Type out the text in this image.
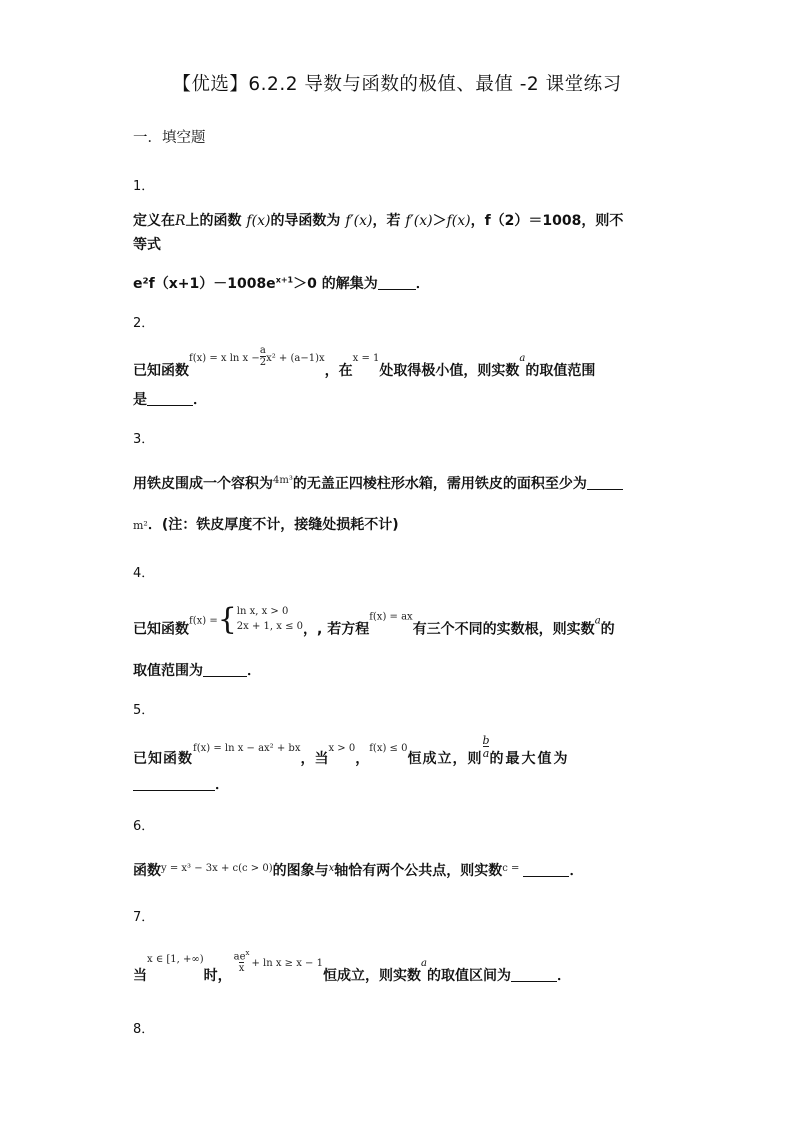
【优选】6.2.2 导数与函数的极值、最值 -2 课堂练习
一．填空题
1．
定义在R上的函数 f(x)的导函数为 f′(x)，若 f′(x)＞f(x)，f（2）＝1008，则不
等式
$e^2f(x+1)-1008e^{x+1}>0$ 的解集为	．
2．
已知函数f(x) = x $\ln x - \frac{a}{2} x^2 + (a-1)x$，在x = 1处取得极小值，则实数a的取值范围
是	．
3．
用铁皮围成一个容积为$^{4m^3}$的无盖正四棱柱形水箱，需用铁皮的面积至少为
m²．(注：铁皮厚度不计，接缝处损耗不计)
4．
已知函数f(x) ={ ln x, x > 0
2x + 1, x ≤ 0 ，, 若方程$^{f(x) = ax}$有三个不同的实数根，则实数a的
取值范围为	．
5．
已知函数f(x) = ln x − ax² + bx，当x > 0，f(x) ≤ 0恒成立，则 $\frac{b}{a}$ 的最大值为
．
6．
函数$^{y = x^3 - 3x + c(c > 0)}$的图象与$^x$轴恰有两个公共点，则实数$^{c =}$	．
7．
当$^{x \in [1, +\infty)}$时，
$\frac{ae^x}{x} + \ln x \ge x - 1$恒成立，则实数a的取值区间为	．
8．
